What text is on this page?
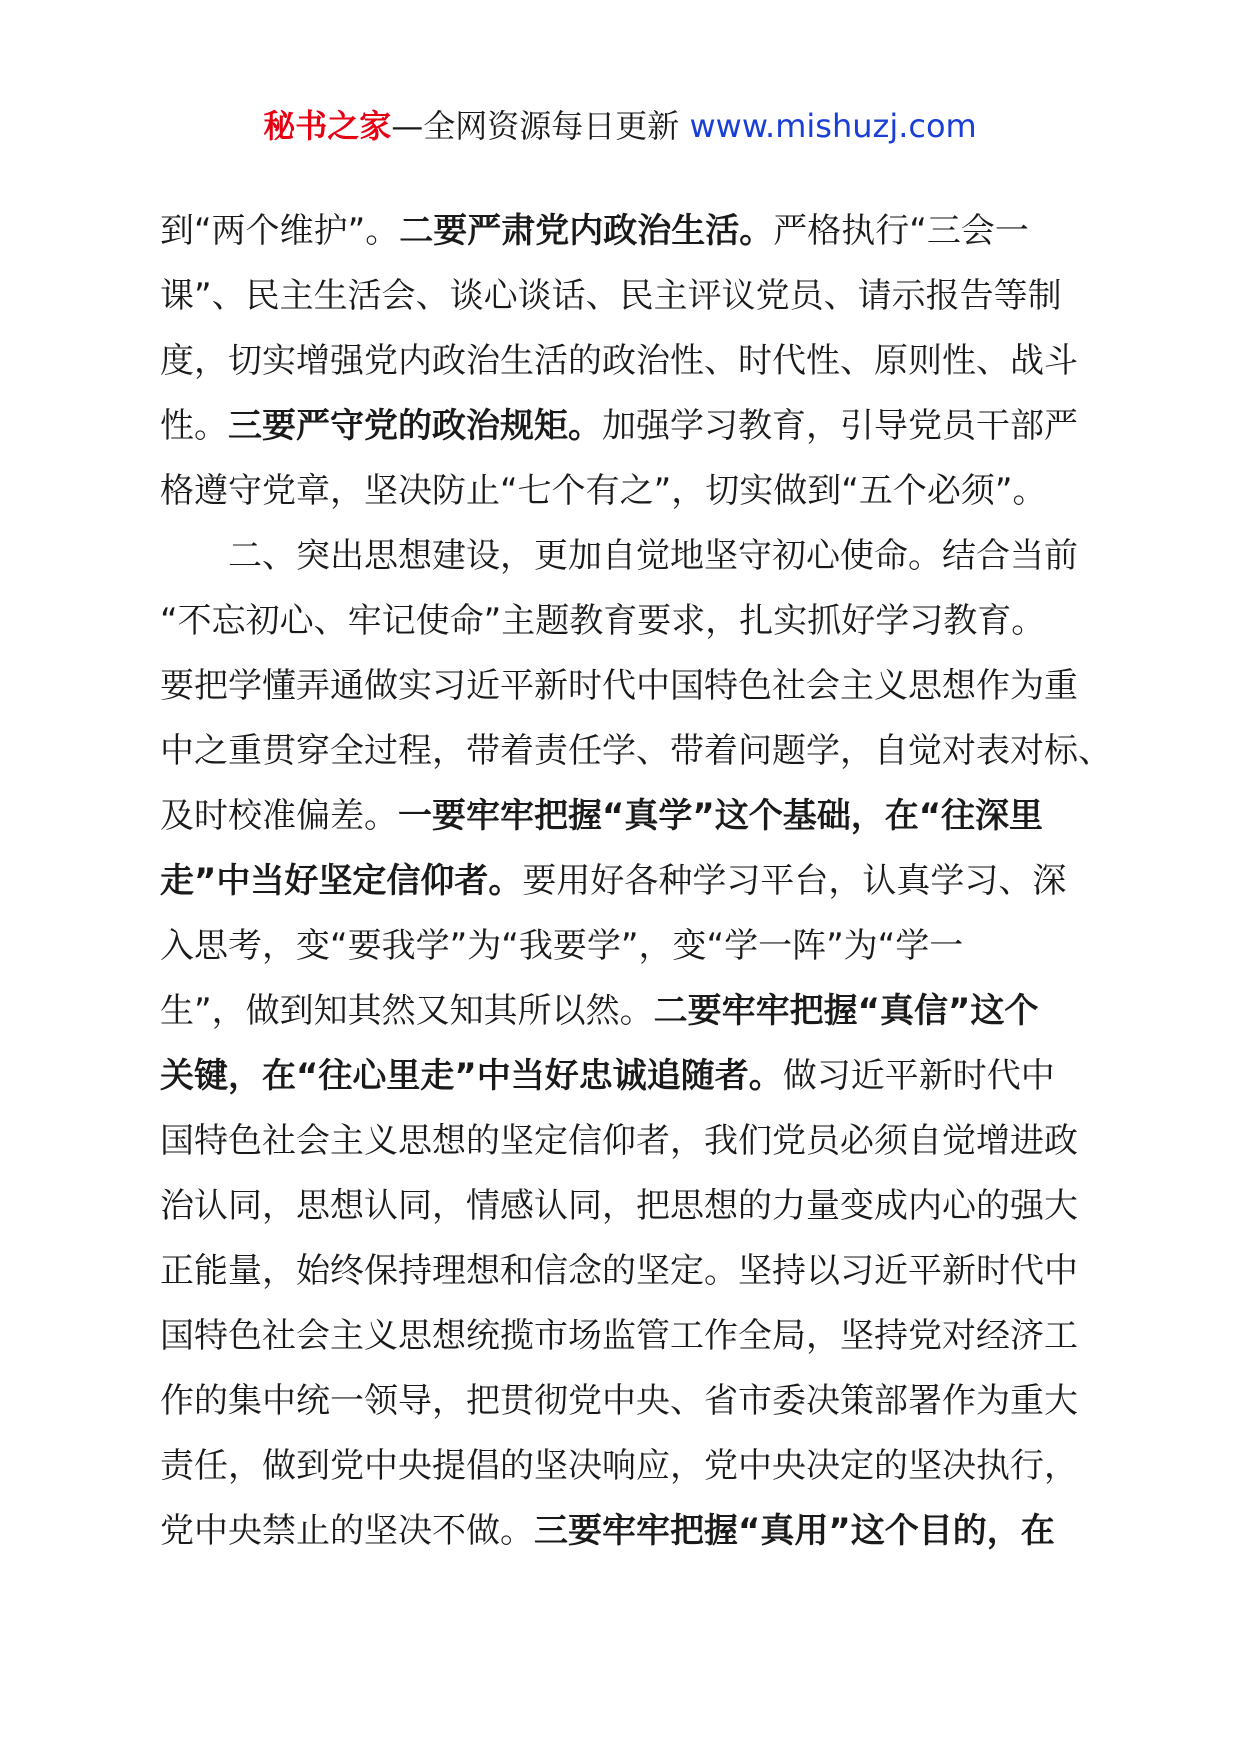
秘书之家—全网资源每日更新 www.mishuzj.com
到“两个维护”。二要严肃党内政治生活。严格执行“三会一
课”、民主生活会、谈心谈话、民主评议党员、请示报告等制
度，切实增强党内政治生活的政治性、时代性、原则性、战斗
性。三要严守党的政治规矩。加强学习教育，引导党员干部严
格遵守党章，坚决防止“七个有之”，切实做到“五个必须”。
二、突出思想建设，更加自觉地坚守初心使命。结合当前
“不忘初心、牢记使命”主题教育要求，扎实抓好学习教育。
要把学懂弄通做实习近平新时代中国特色社会主义思想作为重
中之重贯穿全过程，带着责任学、带着问题学，自觉对表对标、
及时校准偏差。一要牢牢把握“真学”这个基础，在“往深里
走”中当好坚定信仰者。要用好各种学习平台，认真学习、深
入思考，变“要我学”为“我要学”，变“学一阵”为“学一
生”，做到知其然又知其所以然。二要牢牢把握“真信”这个
关键，在“往心里走”中当好忠诚追随者。做习近平新时代中
国特色社会主义思想的坚定信仰者，我们党员必须自觉增进政
治认同，思想认同，情感认同，把思想的力量变成内心的强大
正能量，始终保持理想和信念的坚定。坚持以习近平新时代中
国特色社会主义思想统揽市场监管工作全局，坚持党对经济工
作的集中统一领导，把贯彻党中央、省市委决策部署作为重大
责任，做到党中央提倡的坚决响应，党中央决定的坚决执行，
党中央禁止的坚决不做。三要牢牢把握“真用”这个目的，在
